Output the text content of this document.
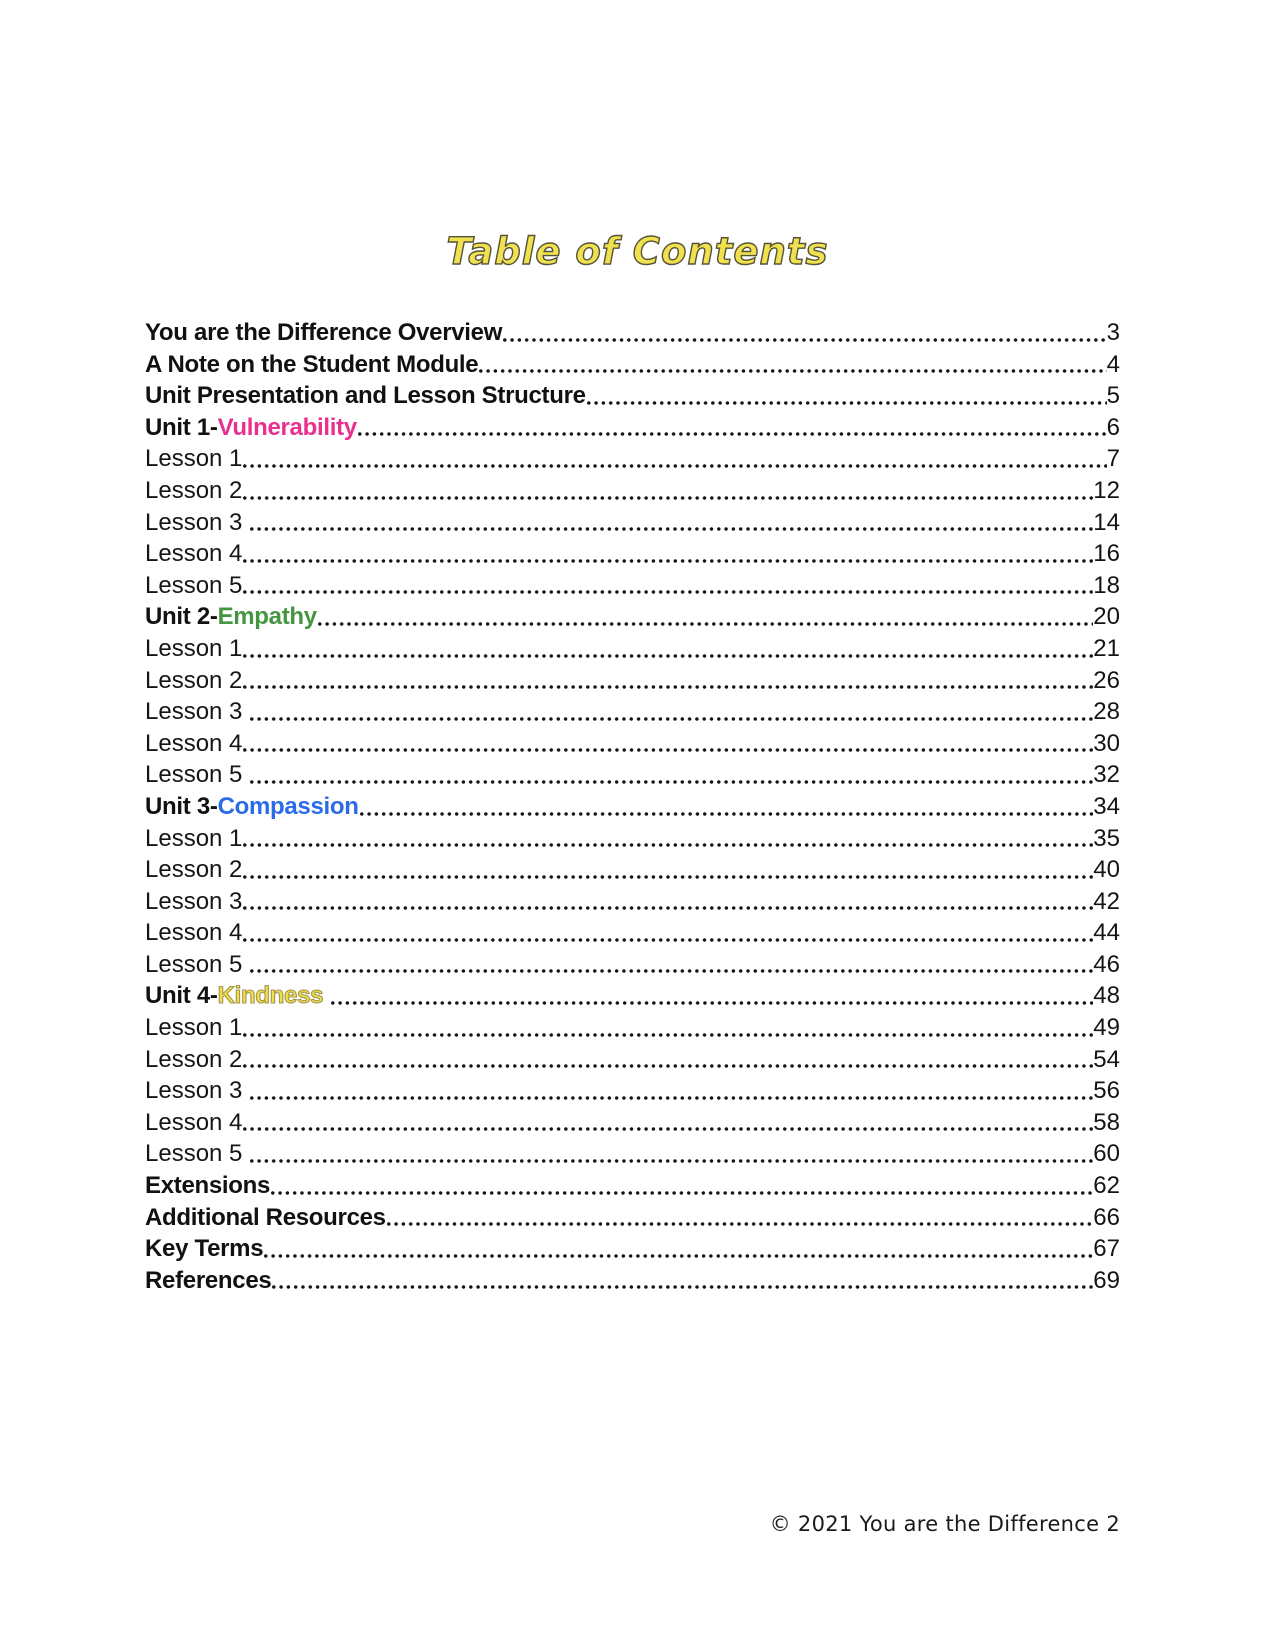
Table of Contents
You are the Difference Overview	3
A Note on the Student Module	4
Unit Presentation and Lesson Structure	5
Unit 1- Vulnerability	6
Lesson 1	7
Lesson 2	12
Lesson 3	14
Lesson 4	16
Lesson 5	18
Unit 2- Empathy	20
Lesson 1	21
Lesson 2	26
Lesson 3	28
Lesson 4	30
Lesson 5	32
Unit 3- Compassion	34
Lesson 1	35
Lesson 2	40
Lesson 3	42
Lesson 4	44
Lesson 5	46
Unit 4- Kindness	48
Lesson 1	49
Lesson 2	54
Lesson 3	56
Lesson 4	58
Lesson 5	60
Extensions	62
Additional Resources	66
Key Terms	67
References	69
© 2021 You are the Difference 2
